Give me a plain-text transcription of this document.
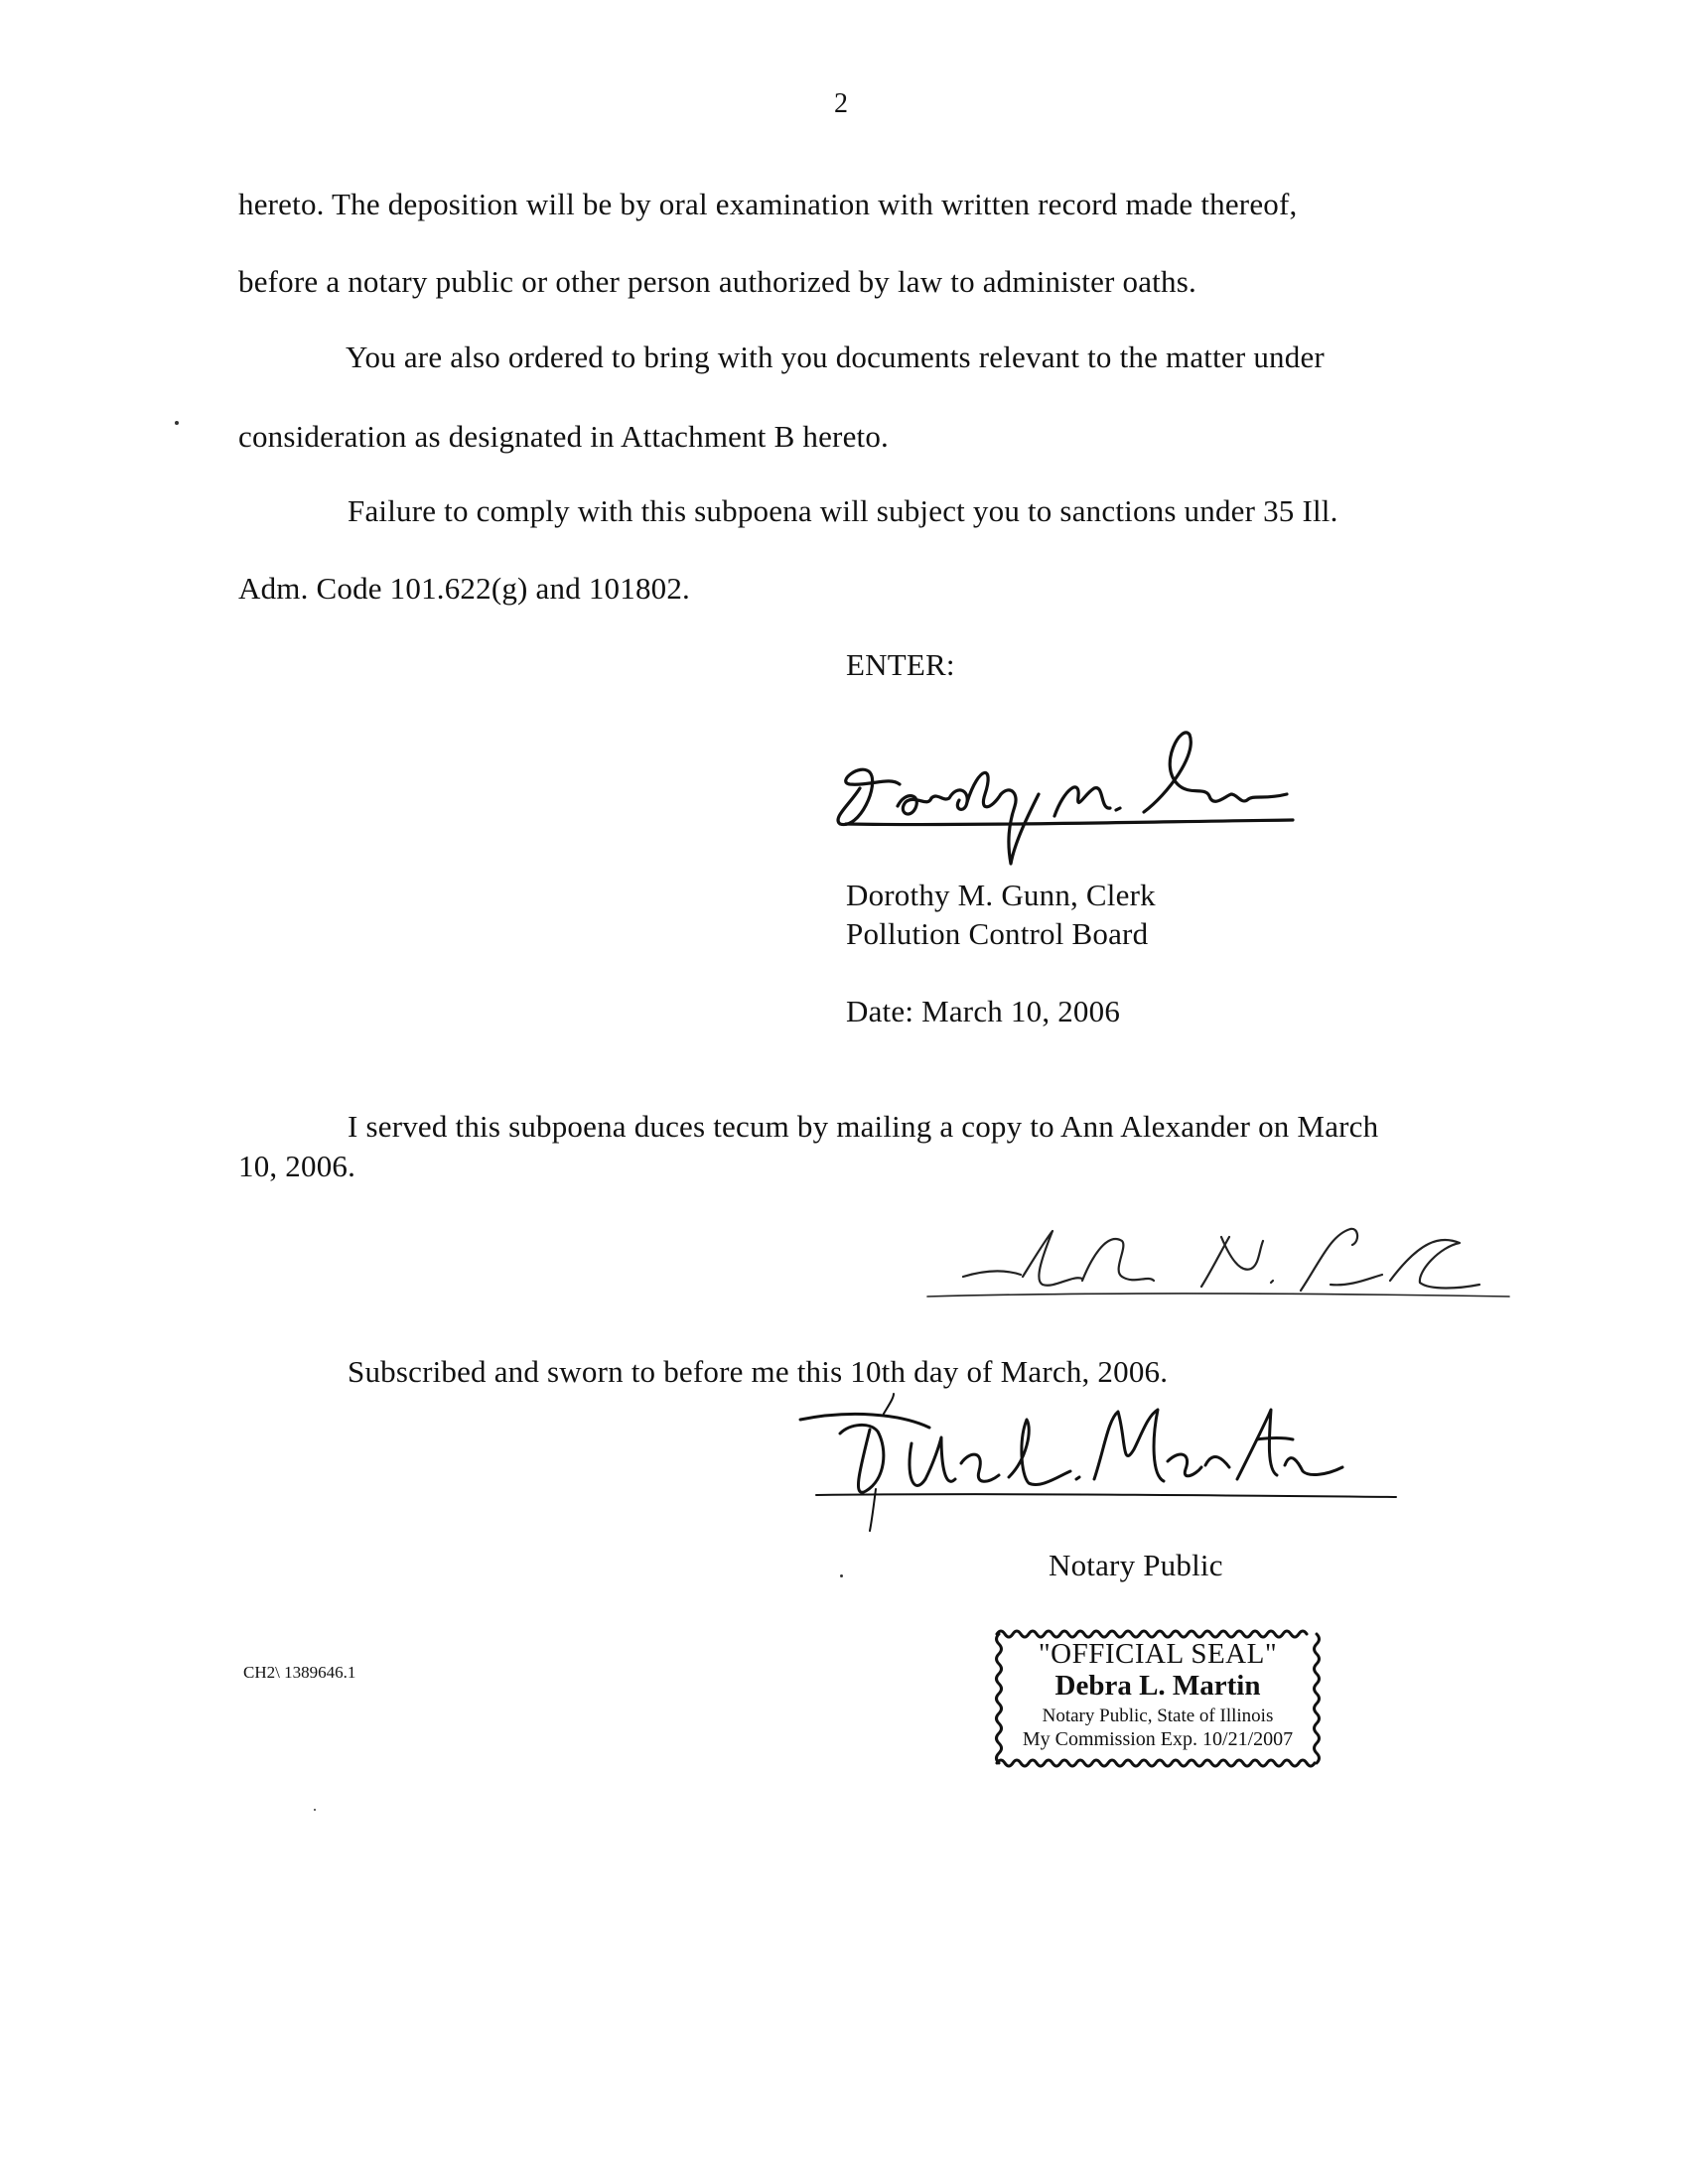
2
hereto. The deposition will be by oral examination with written record made thereof,
before a notary public or other person authorized by law to administer oaths.
You are also ordered to bring with you documents relevant to the matter under
consideration as designated in Attachment B hereto.
Failure to comply with this subpoena will subject you to sanctions under 35 Ill.
Adm. Code 101.622(g) and 101802.
ENTER:
Dorothy M. Gunn, Clerk
Pollution Control Board
Date: March 10, 2006
I served this subpoena duces tecum by mailing a copy to Ann Alexander on March
10, 2006.
Subscribed and sworn to before me this 10th day of March, 2006.
Notary Public
CH2\ 1389646.1
"OFFICIAL SEAL"
Debra L. Martin
Notary Public, State of Illinois
My Commission Exp. 10/21/2007
